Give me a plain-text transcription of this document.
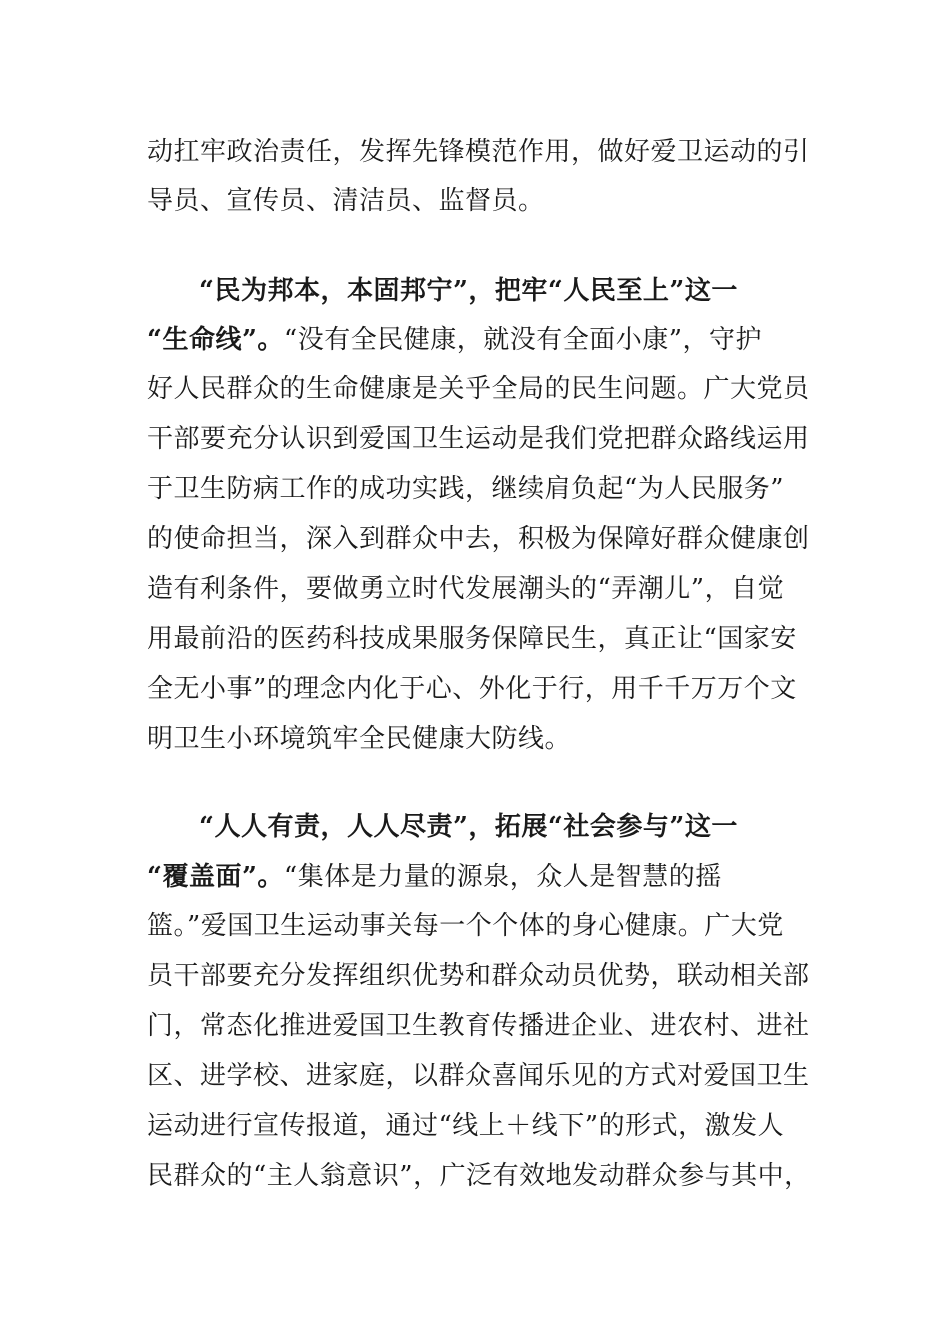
动扛牢政治责任，发挥先锋模范作用，做好爱卫运动的引
导员、宣传员、清洁员、监督员。
“民为邦本，本固邦宁”，把牢“人民至上”这一
“生命线”。“没有全民健康，就没有全面小康”，守护
好人民群众的生命健康是关乎全局的民生问题。广大党员
干部要充分认识到爱国卫生运动是我们党把群众路线运用
于卫生防病工作的成功实践，继续肩负起“为人民服务”
的使命担当，深入到群众中去，积极为保障好群众健康创
造有利条件，要做勇立时代发展潮头的“弄潮儿”，自觉
用最前沿的医药科技成果服务保障民生，真正让“国家安
全无小事”的理念内化于心、外化于行，用千千万万个文
明卫生小环境筑牢全民健康大防线。
“人人有责，人人尽责”，拓展“社会参与”这一
“覆盖面”。“集体是力量的源泉，众人是智慧的摇
篮。”爱国卫生运动事关每一个个体的身心健康。广大党
员干部要充分发挥组织优势和群众动员优势，联动相关部
门，常态化推进爱国卫生教育传播进企业、进农村、进社
区、进学校、进家庭，以群众喜闻乐见的方式对爱国卫生
运动进行宣传报道，通过“线上＋线下”的形式，激发人
民群众的“主人翁意识”，广泛有效地发动群众参与其中，
